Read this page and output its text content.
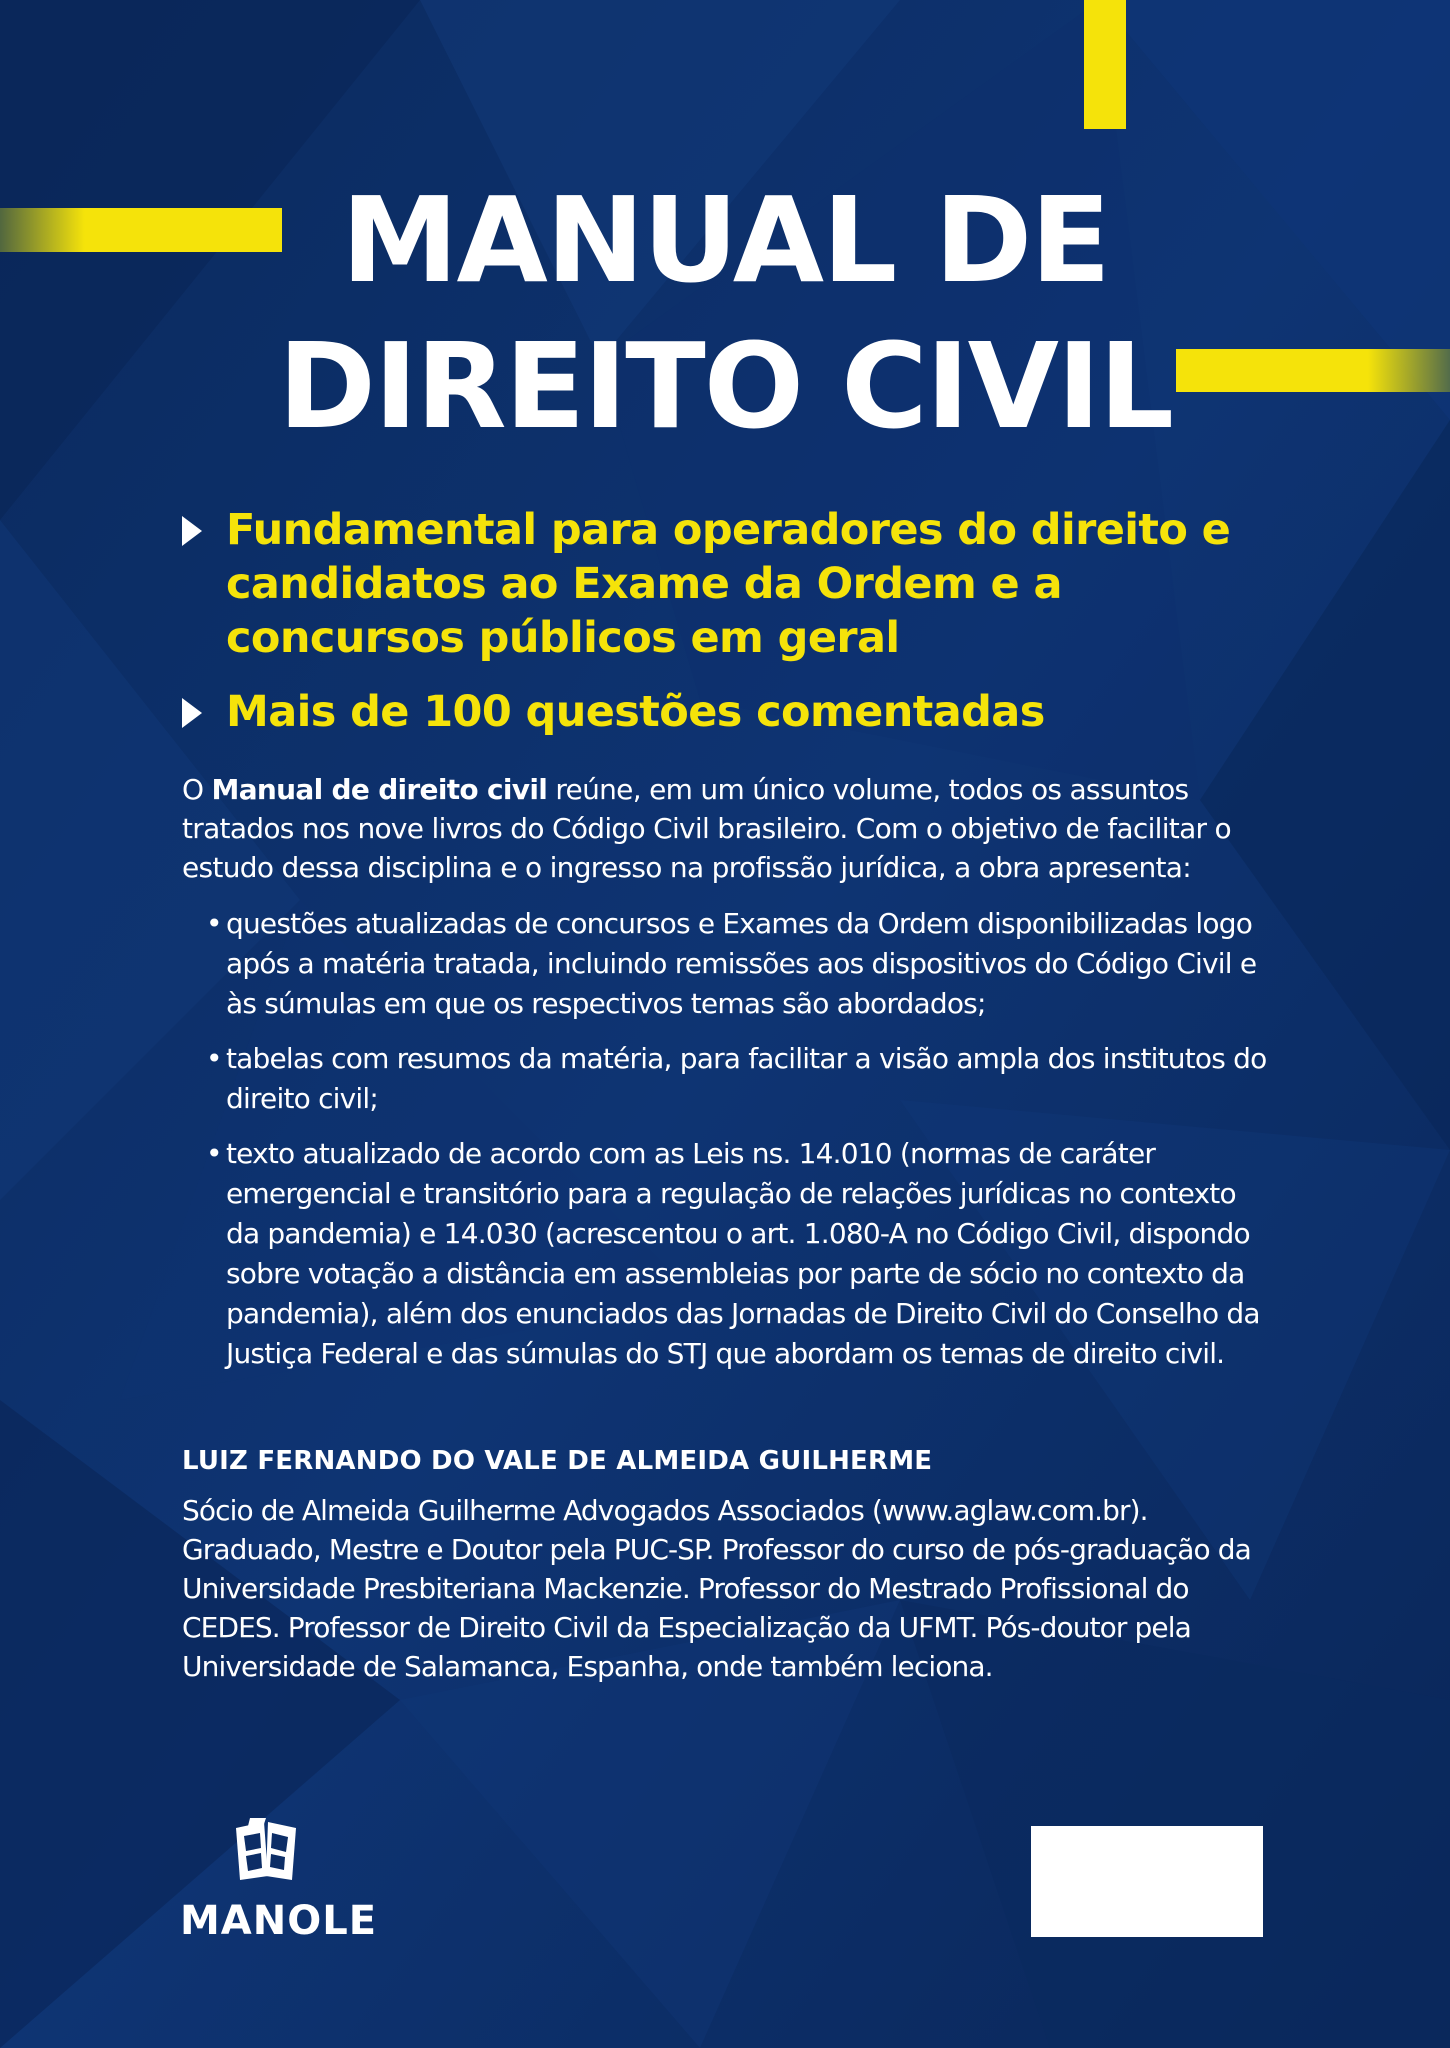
MANUAL DE
DIREITO CIVIL
Fundamental para operadores do direito e candidatos ao Exame da Ordem e a concursos públicos em geral
Mais de 100 questões comentadas

O Manual de direito civil reúne, em um único volume, todos os assuntos tratados nos nove livros do Código Civil brasileiro. Com o objetivo de facilitar o estudo dessa disciplina e o ingresso na profissão jurídica, a obra apresenta:

• questões atualizadas de concursos e Exames da Ordem disponibilizadas logo após a matéria tratada, incluindo remissões aos dispositivos do Código Civil e às súmulas em que os respectivos temas são abordados;
• tabelas com resumos da matéria, para facilitar a visão ampla dos institutos do direito civil;
• texto atualizado de acordo com as Leis ns. 14.010 (normas de caráter emergencial e transitório para a regulação de relações jurídicas no contexto da pandemia) e 14.030 (acrescentou o art. 1.080-A no Código Civil, dispondo sobre votação a distância em assembleias por parte de sócio no contexto da pandemia), além dos enunciados das Jornadas de Direito Civil do Conselho da Justiça Federal e das súmulas do STJ que abordam os temas de direito civil.
LUIZ FERNANDO DO VALE DE ALMEIDA GUILHERME

Sócio de Almeida Guilherme Advogados Associados (www.aglaw.com.br). Graduado, Mestre e Doutor pela PUC-SP. Professor do curso de pós-graduação da Universidade Presbiteriana Mackenzie. Professor do Mestrado Profissional do CEDES. Professor de Direito Civil da Especialização da UFMT. Pós-doutor pela Universidade de Salamanca, Espanha, onde também leciona.

MANOLE
